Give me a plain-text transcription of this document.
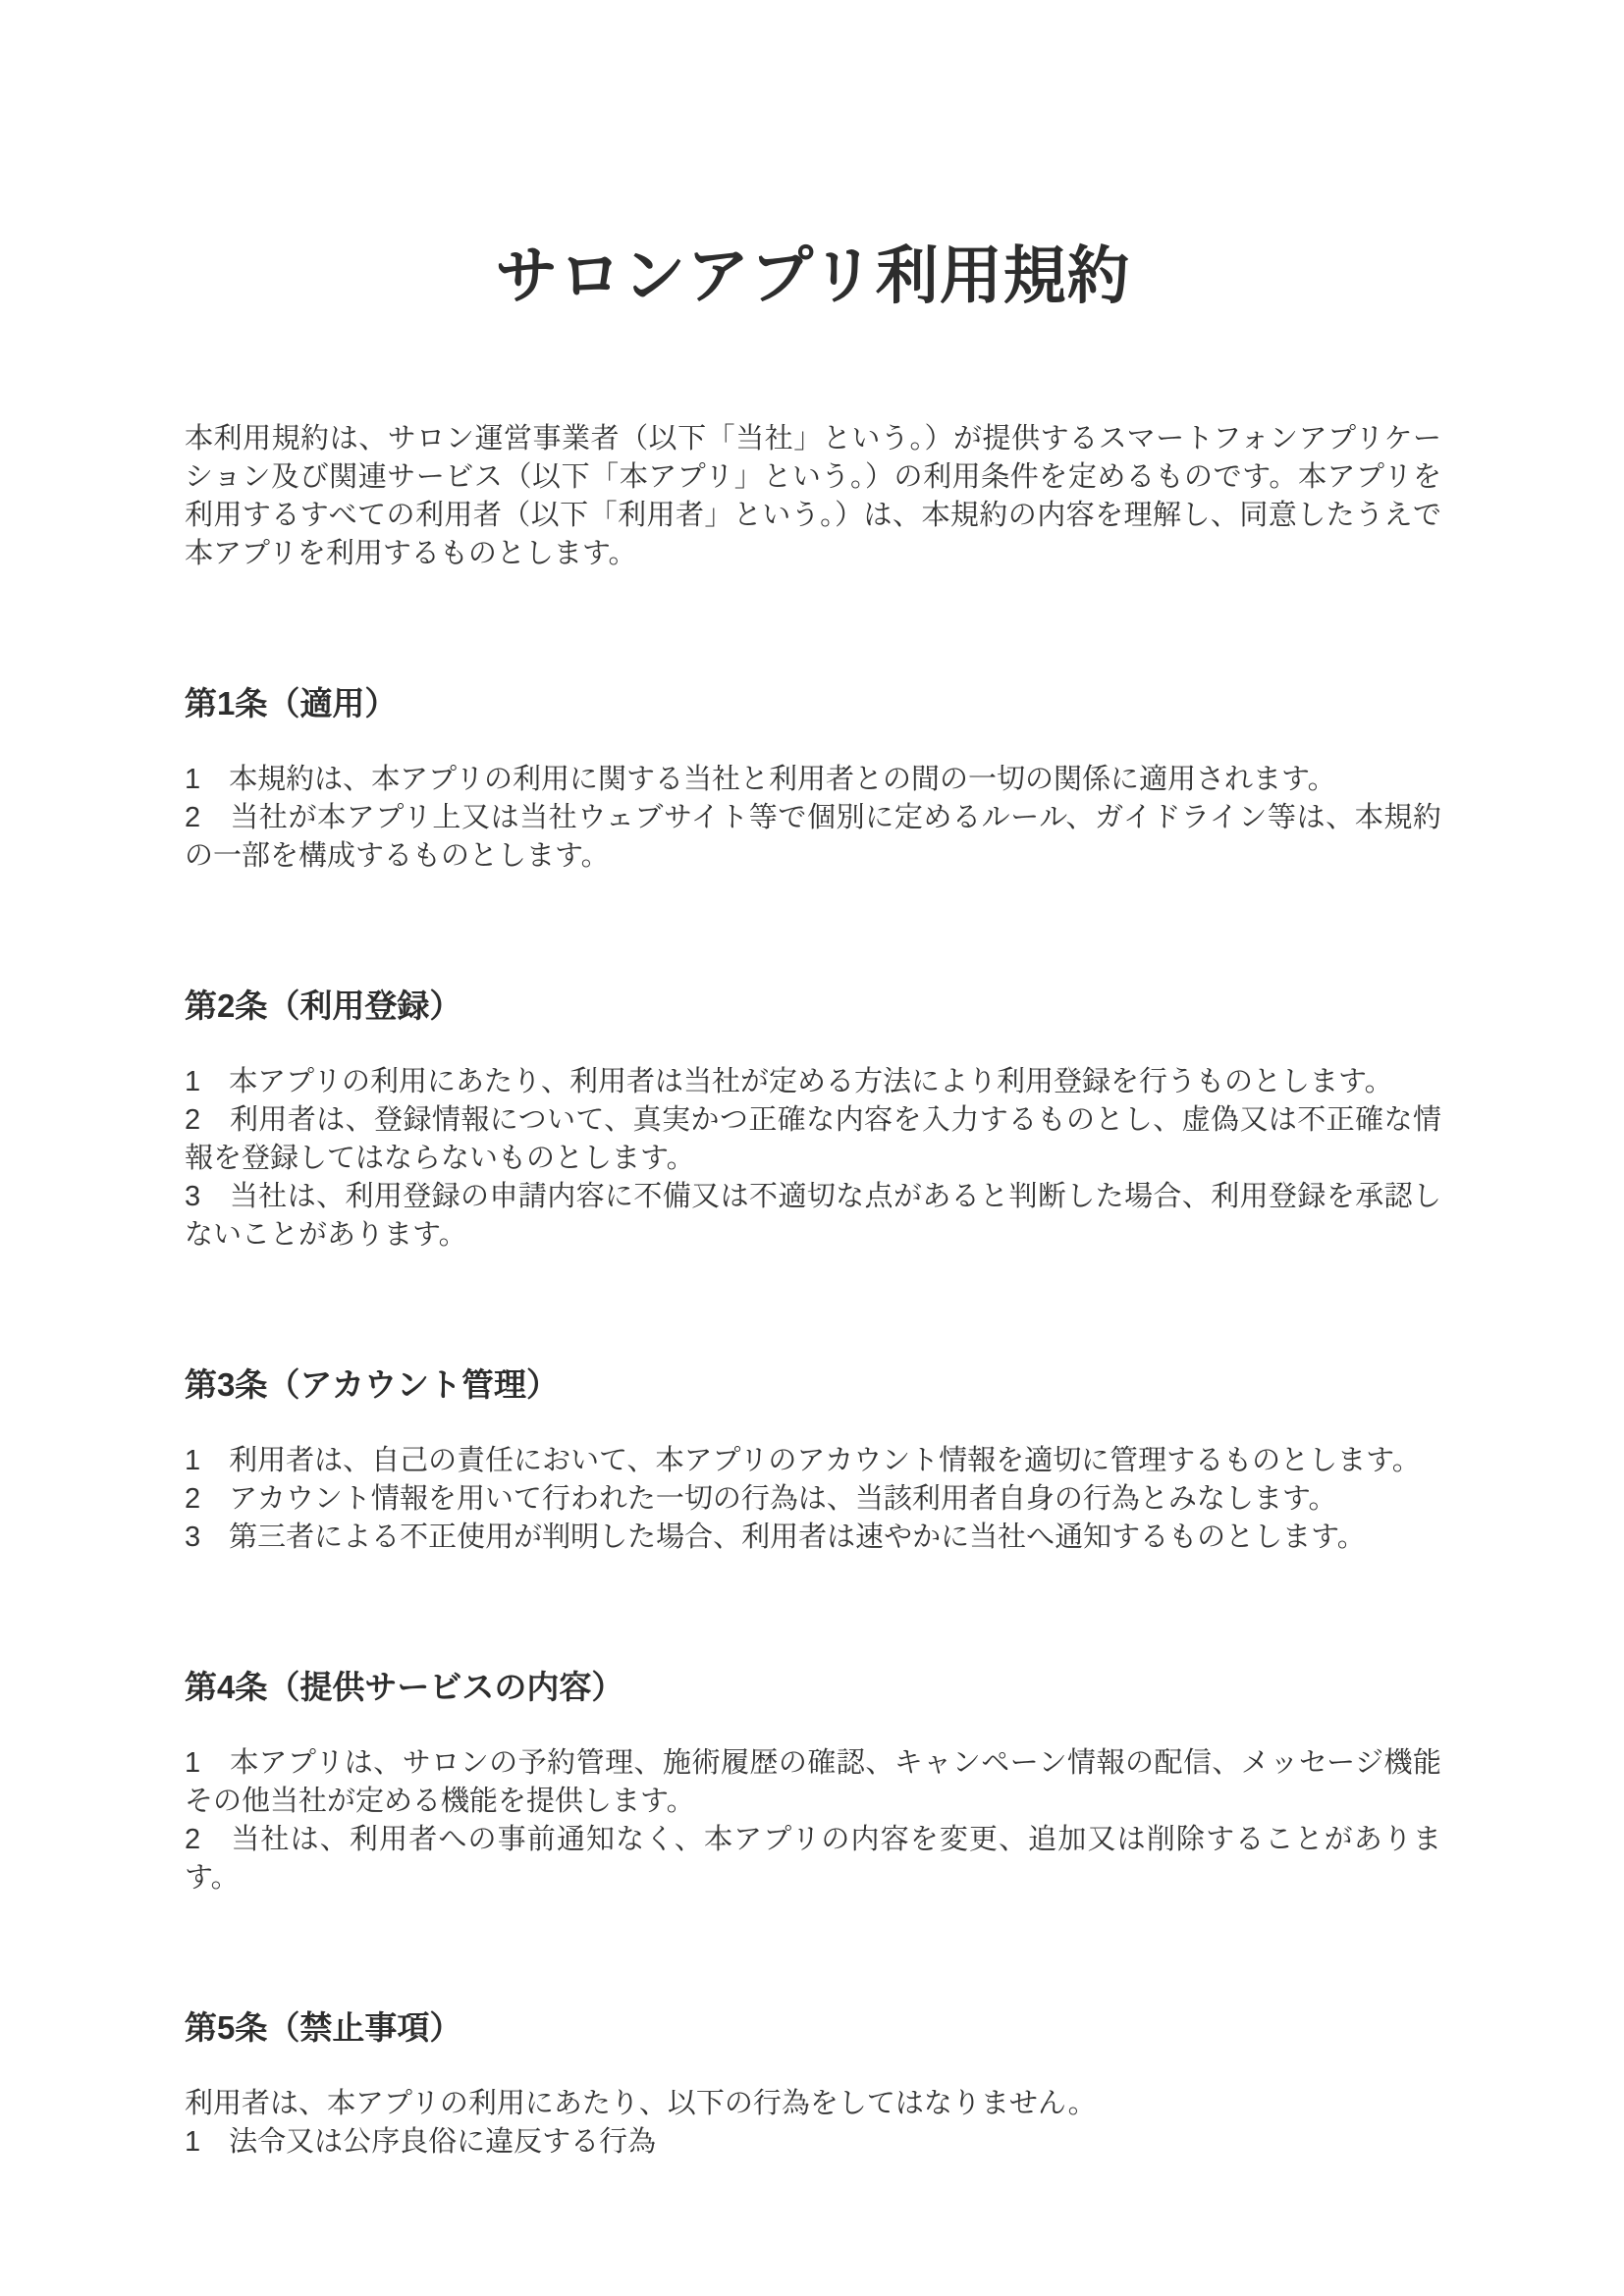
サロンアプリ利用規約

本利用規約は、サロン運営事業者（以下「当社」という。）が提供するスマートフォンアプリケーション及び関連サービス（以下「本アプリ」という。）の利用条件を定めるものです。本アプリを利用するすべての利用者（以下「利用者」という。）は、本規約の内容を理解し、同意したうえで本アプリを利用するものとします。

第1条（適用）

1　本規約は、本アプリの利用に関する当社と利用者との間の一切の関係に適用されます。

2　当社が本アプリ上又は当社ウェブサイト等で個別に定めるルール、ガイドライン等は、本規約の一部を構成するものとします。

第2条（利用登録）

1　本アプリの利用にあたり、利用者は当社が定める方法により利用登録を行うものとします。

2　利用者は、登録情報について、真実かつ正確な内容を入力するものとし、虚偽又は不正確な情報を登録してはならないものとします。

3　当社は、利用登録の申請内容に不備又は不適切な点があると判断した場合、利用登録を承認しないことがあります。

第3条（アカウント管理）

1　利用者は、自己の責任において、本アプリのアカウント情報を適切に管理するものとします。

2　アカウント情報を用いて行われた一切の行為は、当該利用者自身の行為とみなします。

3　第三者による不正使用が判明した場合、利用者は速やかに当社へ通知するものとします。

第4条（提供サービスの内容）

1　本アプリは、サロンの予約管理、施術履歴の確認、キャンペーン情報の配信、メッセージ機能その他当社が定める機能を提供します。

2　当社は、利用者への事前通知なく、本アプリの内容を変更、追加又は削除することがあります。

第5条（禁止事項）

利用者は、本アプリの利用にあたり、以下の行為をしてはなりません。

1　法令又は公序良俗に違反する行為
